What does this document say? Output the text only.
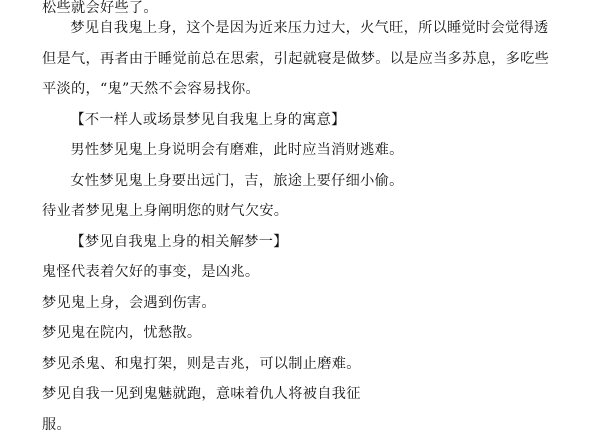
松些就会好些了。

梦见自我鬼上身，这个是因为近来压力过大，火气旺，所以睡觉时会觉得透但是气，再者由于睡觉前总在思索，引起就寝是做梦。以是应当多苏息，多吃些平淡的，“鬼”天然不会容易找你。

【不一样人或场景梦见自我鬼上身的寓意】

男性梦见鬼上身说明会有磨难，此时应当消财逃难。

女性梦见鬼上身要出远门，吉，旅途上要仔细小偷。

待业者梦见鬼上身阐明您的财气欠安。

【梦见自我鬼上身的相关解梦一】

鬼怪代表着欠好的事变，是凶兆。

梦见鬼上身，会遇到伤害。

梦见鬼在院内，忧愁散。

梦见杀鬼、和鬼打架，则是吉兆，可以制止磨难。

梦见自我一见到鬼魅就跑，意味着仇人将被自我征

服。
